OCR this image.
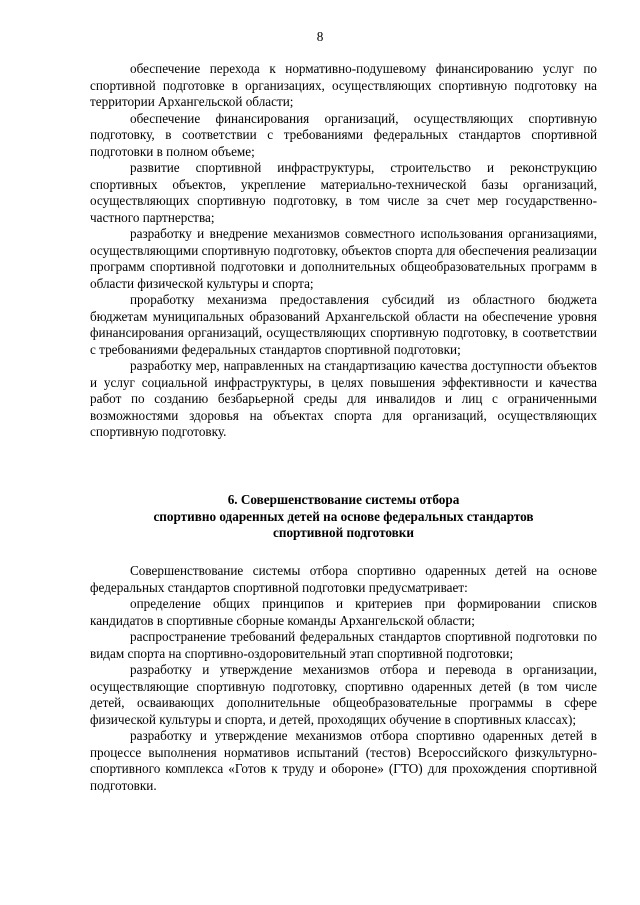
8

обеспечение перехода к нормативно-подушевому финансированию услуг по спортивной подготовке в организациях, осуществляющих спортивную подготовку на территории Архангельской области;

обеспечение финансирования организаций, осуществляющих спортивную подготовку, в соответствии с требованиями федеральных стандартов спортивной подготовки в полном объеме;

развитие спортивной инфраструктуры, строительство и реконструкцию спортивных объектов, укрепление материально-технической базы организаций, осуществляющих спортивную подготовку, в том числе за счет мер государственно-частного партнерства;

разработку и внедрение механизмов совместного использования организациями, осуществляющими спортивную подготовку, объектов спорта для обеспечения реализации программ спортивной подготовки и дополнительных общеобразовательных программ в области физической культуры и спорта;

проработку механизма предоставления субсидий из областного бюджета бюджетам муниципальных образований Архангельской области на обеспечение уровня финансирования организаций, осуществляющих спортивную подготовку, в соответствии с требованиями федеральных стандартов спортивной подготовки;

разработку мер, направленных на стандартизацию качества доступности объектов и услуг социальной инфраструктуры, в целях повышения эффективности и качества работ по созданию безбарьерной среды для инвалидов и лиц с ограниченными возможностями здоровья на объектах спорта для организаций, осуществляющих спортивную подготовку.

6. Совершенствование системы отбора
спортивно одаренных детей на основе федеральных стандартов
спортивной подготовки

Совершенствование системы отбора спортивно одаренных детей на основе федеральных стандартов спортивной подготовки предусматривает:

определение общих принципов и критериев при формировании списков кандидатов в спортивные сборные команды Архангельской области;

распространение требований федеральных стандартов спортивной подготовки по видам спорта на спортивно-оздоровительный этап спортивной подготовки;

разработку и утверждение механизмов отбора и перевода в организации, осуществляющие спортивную подготовку, спортивно одаренных детей (в том числе детей, осваивающих дополнительные общеобразовательные программы в сфере физической культуры и спорта, и детей, проходящих обучение в спортивных классах);

разработку и утверждение механизмов отбора спортивно одаренных детей в процессе выполнения нормативов испытаний (тестов) Всероссийского физкультурно-спортивного комплекса «Готов к труду и обороне» (ГТО) для прохождения спортивной подготовки.
